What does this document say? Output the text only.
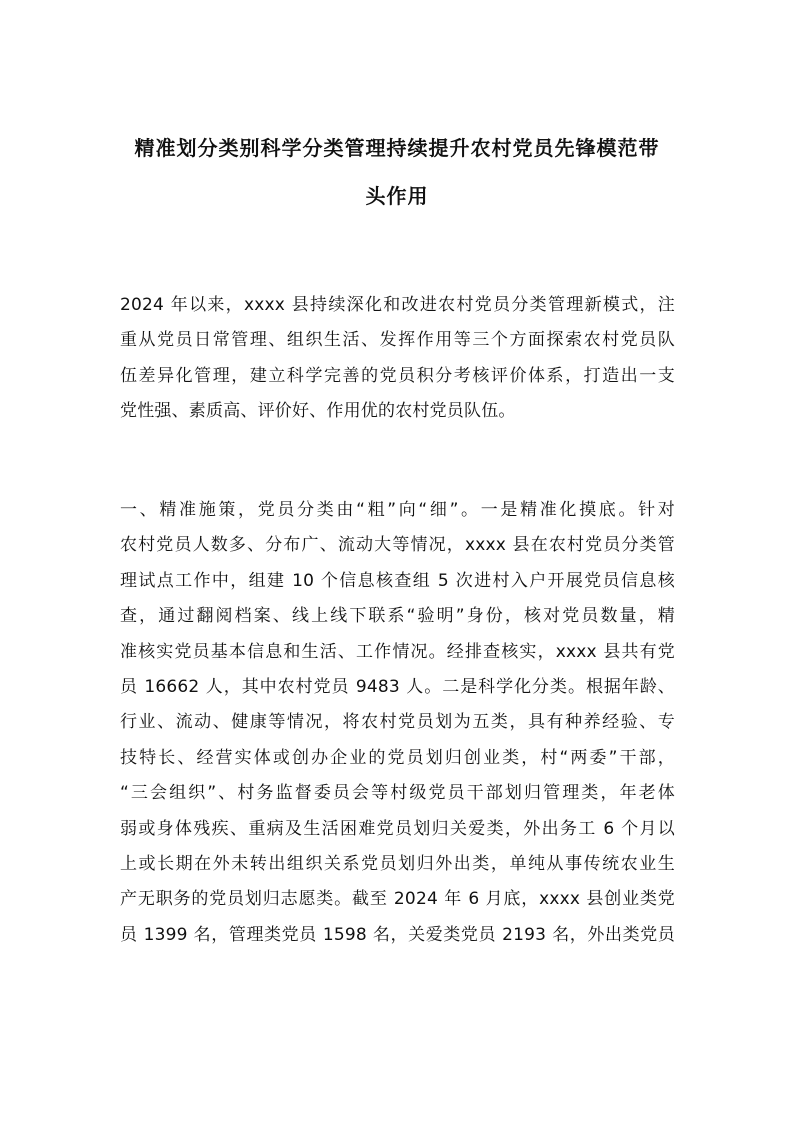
精准划分类别科学分类管理持续提升农村党员先锋模范带
头作用
2024 年以来，xxxx 县持续深化和改进农村党员分类管理新模式，注
重从党员日常管理、组织生活、发挥作用等三个方面探索农村党员队
伍差异化管理，建立科学完善的党员积分考核评价体系，打造出一支
党性强、素质高、评价好、作用优的农村党员队伍。
一、精准施策，党员分类由“粗”向“细”。一是精准化摸底。针对
农村党员人数多、分布广、流动大等情况，xxxx 县在农村党员分类管
理试点工作中，组建 10 个信息核查组 5 次进村入户开展党员信息核
查，通过翻阅档案、线上线下联系“验明”身份，核对党员数量，精
准核实党员基本信息和生活、工作情况。经排查核实，xxxx 县共有党
员 16662 人，其中农村党员 9483 人。二是科学化分类。根据年龄、
行业、流动、健康等情况，将农村党员划为五类，具有种养经验、专
技特长、经营实体或创办企业的党员划归创业类，村“两委”干部，
“三会组织”、村务监督委员会等村级党员干部划归管理类，年老体
弱或身体残疾、重病及生活困难党员划归关爱类，外出务工 6 个月以
上或长期在外未转出组织关系党员划归外出类，单纯从事传统农业生
产无职务的党员划归志愿类。截至 2024 年 6 月底，xxxx 县创业类党
员 1399 名，管理类党员 1598 名，关爱类党员 2193 名，外出类党员
